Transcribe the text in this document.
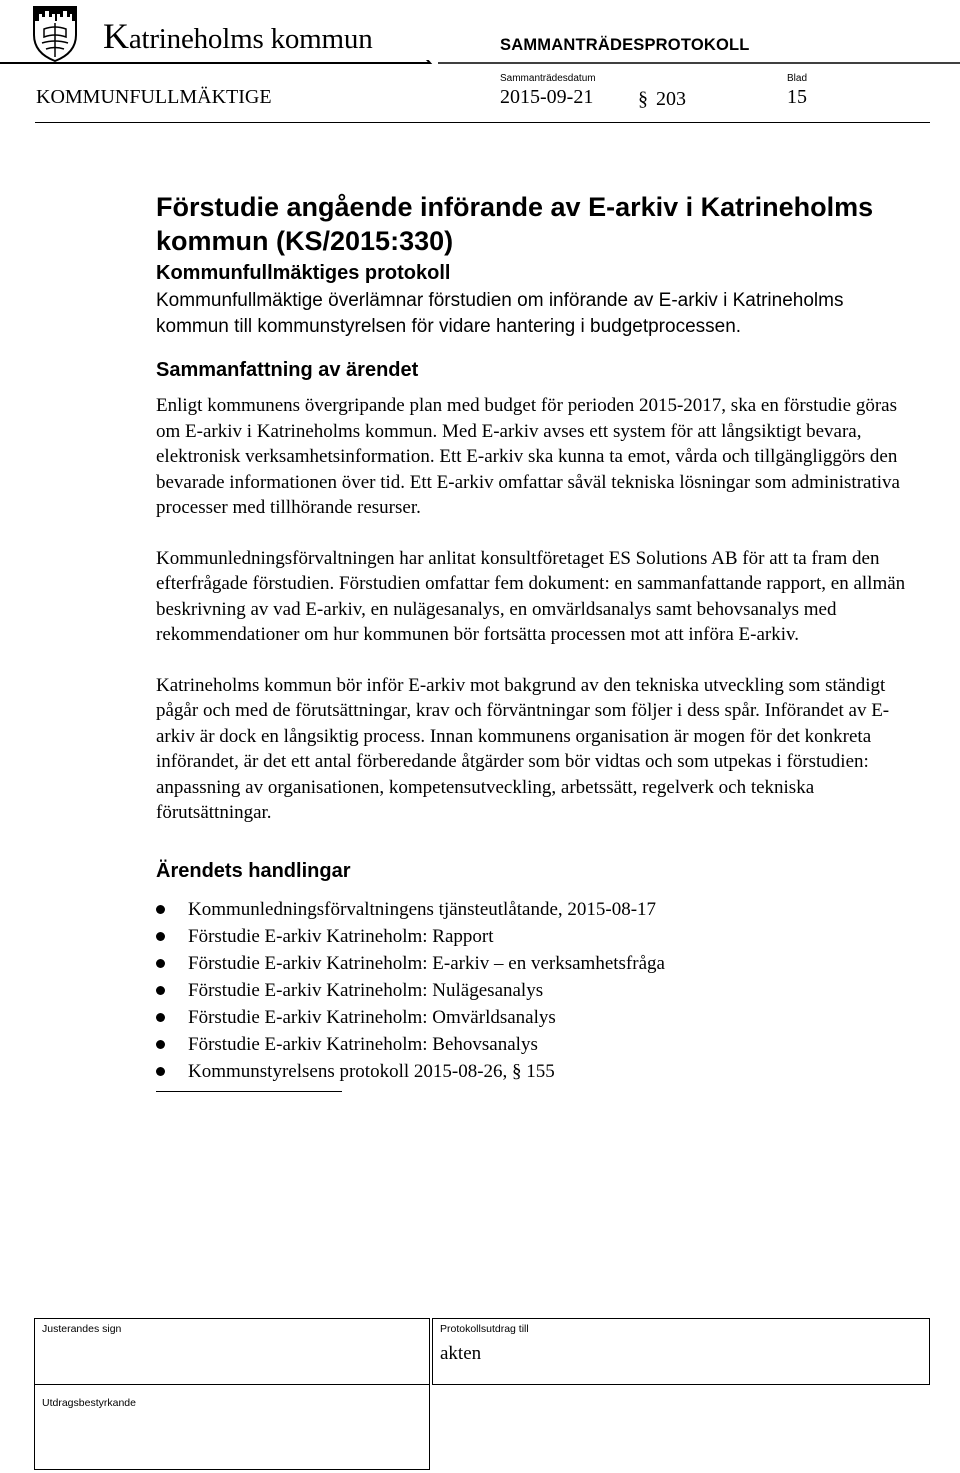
Katrineholms kommun	SAMMANTRÄDESPROTOKOLL
Sammanträdesdatum	Blad
KOMMUNFULLMÄKTIGE	2015-09-21 § 203	15
Förstudie angående införande av E-arkiv i Katrineholms kommun (KS/2015:330)
Kommunfullmäktiges protokoll

Kommunfullmäktige överlämnar förstudien om införande av E-arkiv i Katrineholms kommun till kommunstyrelsen för vidare hantering i budgetprocessen.

Sammanfattning av ärendet

Enligt kommunens övergripande plan med budget för perioden 2015-2017, ska en förstudie göras om E-arkiv i Katrineholms kommun. Med E-arkiv avses ett system för att långsiktigt bevara, elektronisk verksamhetsinformation. Ett E-arkiv ska kunna ta emot, vårda och tillgängliggörs den bevarade informationen över tid. Ett E-arkiv omfattar såväl tekniska lösningar som administrativa processer med tillhörande resurser.

Kommunledningsförvaltningen har anlitat konsultföretaget ES Solutions AB för att ta fram den efterfrågade förstudien. Förstudien omfattar fem dokument: en sammanfattande rapport, en allmän beskrivning av vad E-arkiv, en nulägesanalys, en omvärldsanalys samt behovsanalys med rekommendationer om hur kommunen bör fortsätta processen mot att införa E-arkiv.

Katrineholms kommun bör inför E-arkiv mot bakgrund av den tekniska utveckling som ständigt pågår och med de förutsättningar, krav och förväntningar som följer i dess spår. Införandet av E-arkiv är dock en långsiktig process. Innan kommunens organisation är mogen för det konkreta införandet, är det ett antal förberedande åtgärder som bör vidtas och som utpekas i förstudien: anpassning av organisationen, kompetensutveckling, arbetssätt, regelverk och tekniska förutsättningar.

Ärendets handlingar
Kommunledningsförvaltningens tjänsteutlåtande, 2015-08-17
Förstudie E-arkiv Katrineholm: Rapport
Förstudie E-arkiv Katrineholm: E-arkiv – en verksamhetsfråga
Förstudie E-arkiv Katrineholm: Nulägesanalys
Förstudie E-arkiv Katrineholm: Omvärldsanalys
Förstudie E-arkiv Katrineholm: Behovsanalys
Kommunstyrelsens protokoll 2015-08-26, § 155
Justerandes sign	Protokollsutdrag till
akten
Utdragsbestyrkande
